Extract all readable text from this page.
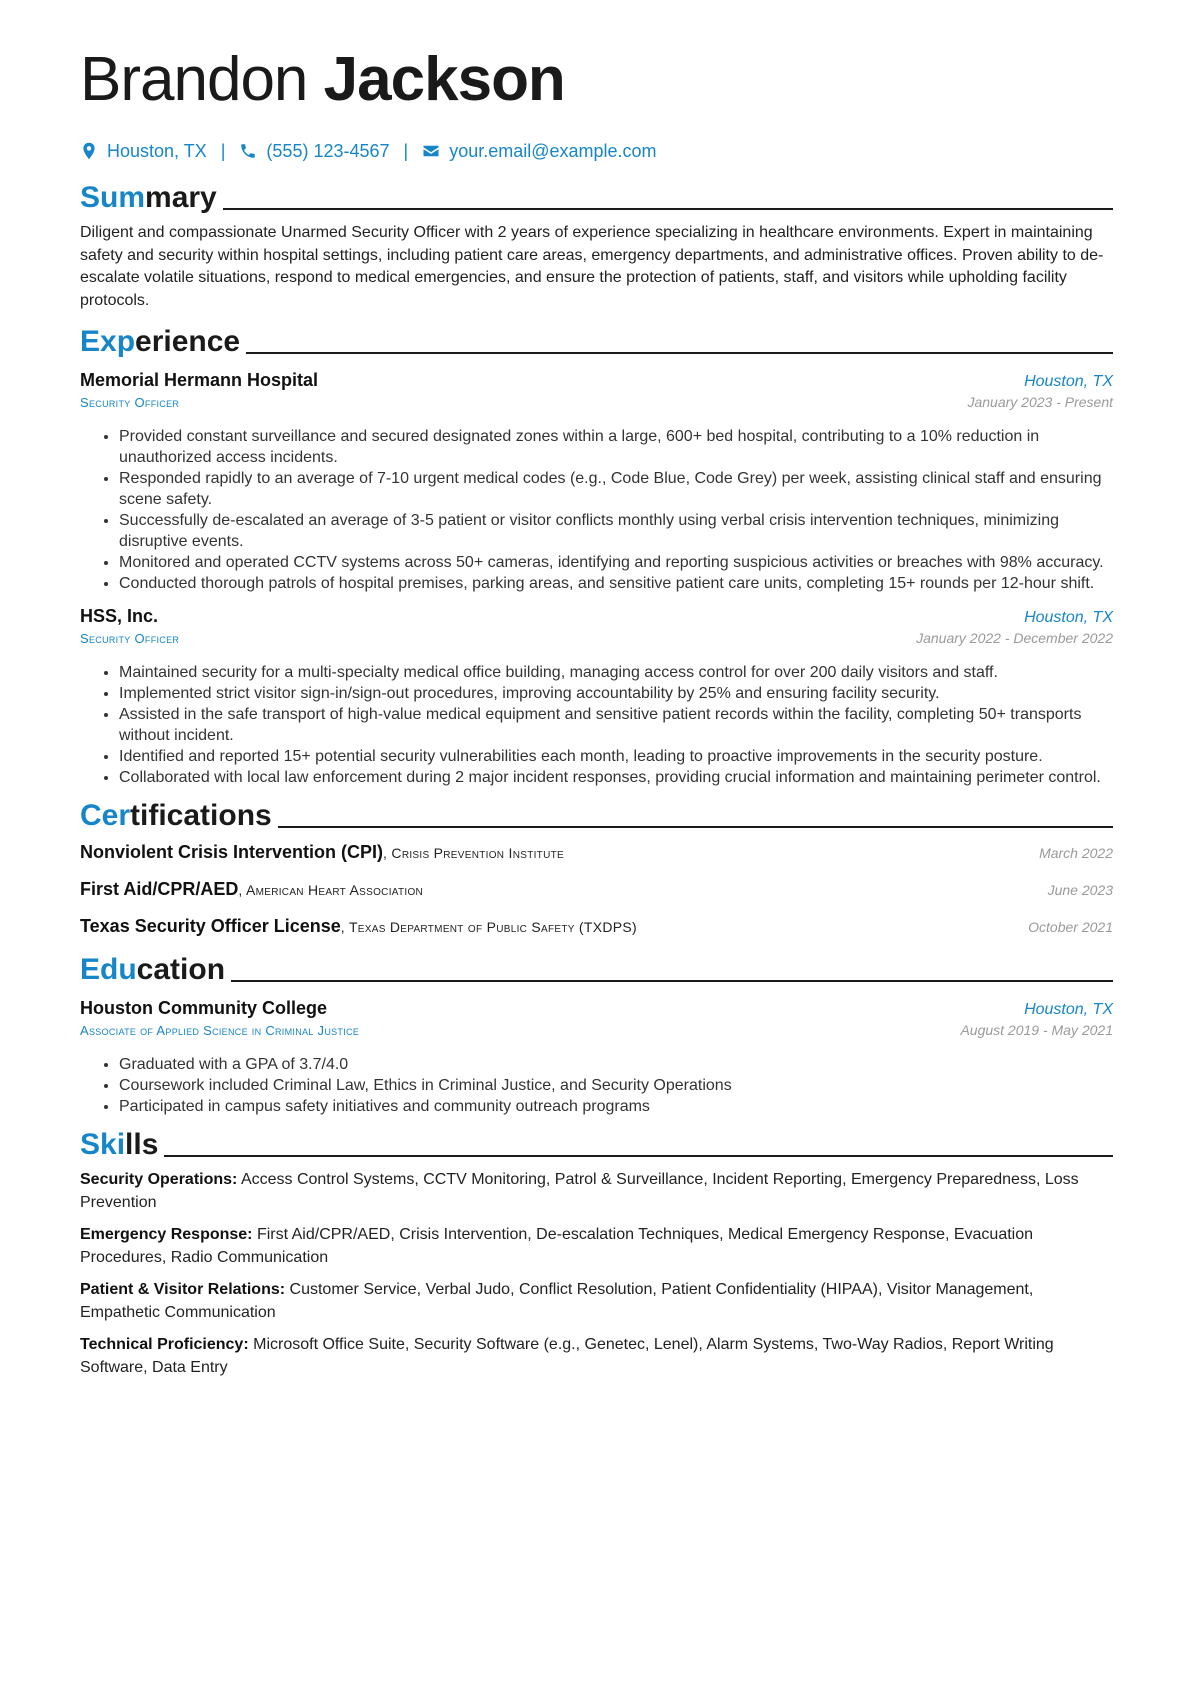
Brandon Jackson
Houston, TX | (555) 123-4567 | your.email@example.com
Summary

Diligent and compassionate Unarmed Security Officer with 2 years of experience specializing in healthcare environments. Expert in maintaining safety and security within hospital settings, including patient care areas, emergency departments, and administrative offices. Proven ability to de-escalate volatile situations, respond to medical emergencies, and ensure the protection of patients, staff, and visitors while upholding facility protocols.

Experience
Memorial Hermann Hospital	Houston, TX
Security Officer	January 2023 - Present
• Provided constant surveillance and secured designated zones within a large, 600+ bed hospital, contributing to a 10% reduction in unauthorized access incidents.
• Responded rapidly to an average of 7-10 urgent medical codes (e.g., Code Blue, Code Grey) per week, assisting clinical staff and ensuring scene safety.
• Successfully de-escalated an average of 3-5 patient or visitor conflicts monthly using verbal crisis intervention techniques, minimizing disruptive events.
• Monitored and operated CCTV systems across 50+ cameras, identifying and reporting suspicious activities or breaches with 98% accuracy.
• Conducted thorough patrols of hospital premises, parking areas, and sensitive patient care units, completing 15+ rounds per 12-hour shift.
HSS, Inc.	Houston, TX
Security Officer	January 2022 - December 2022
• Maintained security for a multi-specialty medical office building, managing access control for over 200 daily visitors and staff.
• Implemented strict visitor sign-in/sign-out procedures, improving accountability by 25% and ensuring facility security.
• Assisted in the safe transport of high-value medical equipment and sensitive patient records within the facility, completing 50+ transports without incident.
• Identified and reported 15+ potential security vulnerabilities each month, leading to proactive improvements in the security posture.
• Collaborated with local law enforcement during 2 major incident responses, providing crucial information and maintaining perimeter control.
Certifications
Nonviolent Crisis Intervention (CPI), Crisis Prevention Institute	March 2022
First Aid/CPR/AED, American Heart Association	June 2023
Texas Security Officer License, Texas Department of Public Safety (TXDPS)	October 2021
Education
Houston Community College	Houston, TX
Associate of Applied Science in Criminal Justice	August 2019 - May 2021
• Graduated with a GPA of 3.7/4.0
• Coursework included Criminal Law, Ethics in Criminal Justice, and Security Operations
• Participated in campus safety initiatives and community outreach programs
Skills
Security Operations: Access Control Systems, CCTV Monitoring, Patrol & Surveillance, Incident Reporting, Emergency Preparedness, Loss Prevention
Emergency Response: First Aid/CPR/AED, Crisis Intervention, De-escalation Techniques, Medical Emergency Response, Evacuation Procedures, Radio Communication
Patient & Visitor Relations: Customer Service, Verbal Judo, Conflict Resolution, Patient Confidentiality (HIPAA), Visitor Management, Empathetic Communication
Technical Proficiency: Microsoft Office Suite, Security Software (e.g., Genetec, Lenel), Alarm Systems, Two-Way Radios, Report Writing Software, Data Entry
